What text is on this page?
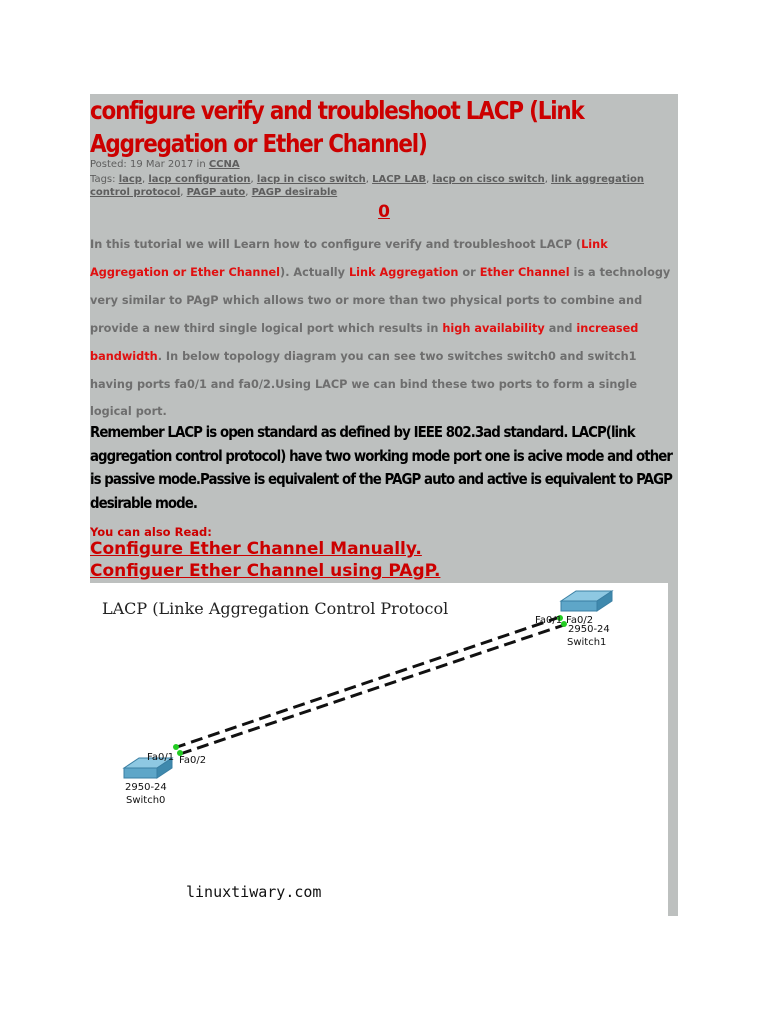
configure verify and troubleshoot LACP (Link
Aggregation or Ether Channel)
Posted: 19 Mar 2017 in CCNA
Tags: lacp, lacp configuration, lacp in cisco switch, LACP LAB, lacp on cisco switch, link aggregation control protocol, PAGP auto, PAGP desirable
0
In this tutorial we will Learn how to configure verify and troubleshoot LACP (Link Aggregation or Ether Channel). Actually Link Aggregation or Ether Channel is a technology very similar to PAgP which allows two or more than two physical ports to combine and provide a new third single logical port which results in high availability and increased bandwidth. In below topology diagram you can see two switches switch0 and switch1 having ports fa0/1 and fa0/2.Using LACP we can bind these two ports to form a single logical port.
Remember LACP is open standard as defined by IEEE 802.3ad standard. LACP(link aggregation control protocol) have two working mode port one is acive mode and other is passive mode.Passive is equivalent of the PAGP auto and active is equivalent to PAGP desirable mode.
You can also Read:
Configure Ether Channel Manually.
Configuer Ether Channel using PAgP.
LACP (Linke Aggregation Control Protocol
Fa0/1 Fa0/2
2950-24
Switch0
Fa0/1 Fa0/2
2950-24
Switch1
linuxtiwary.com
